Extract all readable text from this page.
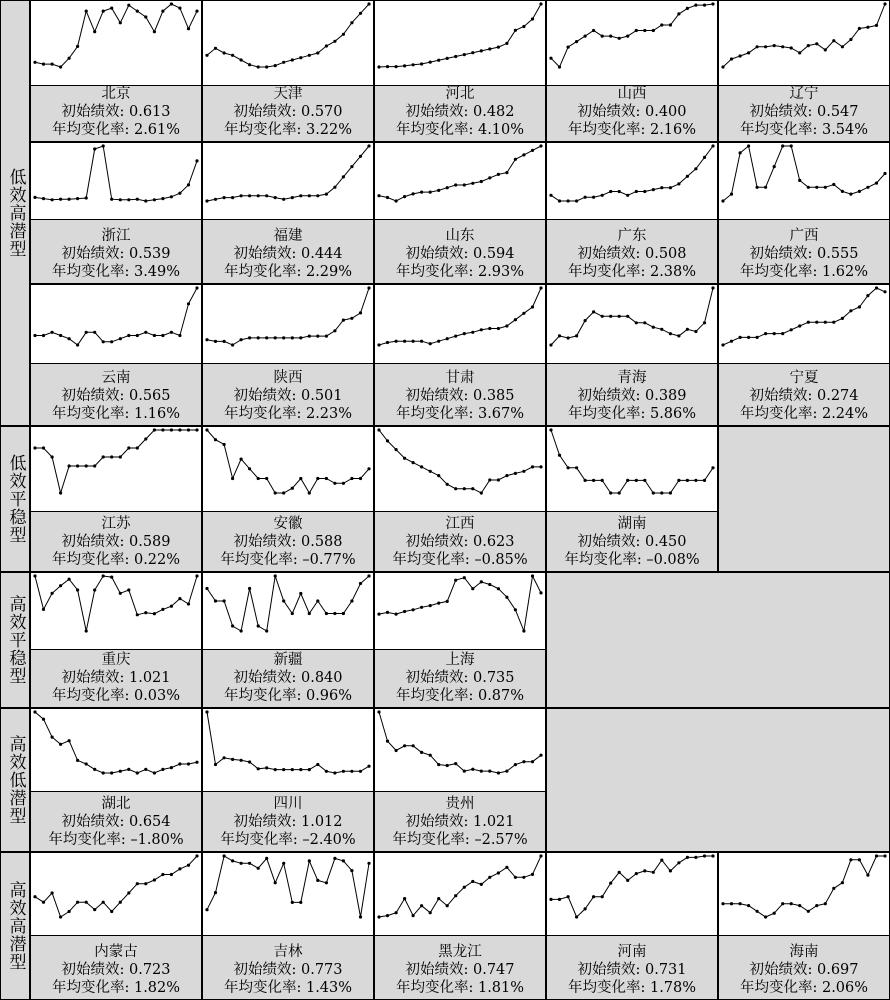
低效高潜型
低效平稳型
高效平稳型
高效低潜型
高效高潜型
北京
初始绩效: 0.613
年均变化率: 2.61%
天津
初始绩效: 0.570
年均变化率: 3.22%
河北
初始绩效: 0.482
年均变化率: 4.10%
山西
初始绩效: 0.400
年均变化率: 2.16%
辽宁
初始绩效: 0.547
年均变化率: 3.54%
浙江
初始绩效: 0.539
年均变化率: 3.49%
福建
初始绩效: 0.444
年均变化率: 2.29%
山东
初始绩效: 0.594
年均变化率: 2.93%
广东
初始绩效: 0.508
年均变化率: 2.38%
广西
初始绩效: 0.555
年均变化率: 1.62%
云南
初始绩效: 0.565
年均变化率: 1.16%
陕西
初始绩效: 0.501
年均变化率: 2.23%
甘肃
初始绩效: 0.385
年均变化率: 3.67%
青海
初始绩效: 0.389
年均变化率: 5.86%
宁夏
初始绩效: 0.274
年均变化率: 2.24%
江苏
初始绩效: 0.589
年均变化率: 0.22%
安徽
初始绩效: 0.588
年均变化率: –0.77%
江西
初始绩效: 0.623
年均变化率: –0.85%
湖南
初始绩效: 0.450
年均变化率: –0.08%
重庆
初始绩效: 1.021
年均变化率: 0.03%
新疆
初始绩效: 0.840
年均变化率: 0.96%
上海
初始绩效: 0.735
年均变化率: 0.87%
湖北
初始绩效: 0.654
年均变化率: –1.80%
四川
初始绩效: 1.012
年均变化率: –2.40%
贵州
初始绩效: 1.021
年均变化率: –2.57%
内蒙古
初始绩效: 0.723
年均变化率: 1.82%
吉林
初始绩效: 0.773
年均变化率: 1.43%
黑龙江
初始绩效: 0.747
年均变化率: 1.81%
河南
初始绩效: 0.731
年均变化率: 1.78%
海南
初始绩效: 0.697
年均变化率: 2.06%
